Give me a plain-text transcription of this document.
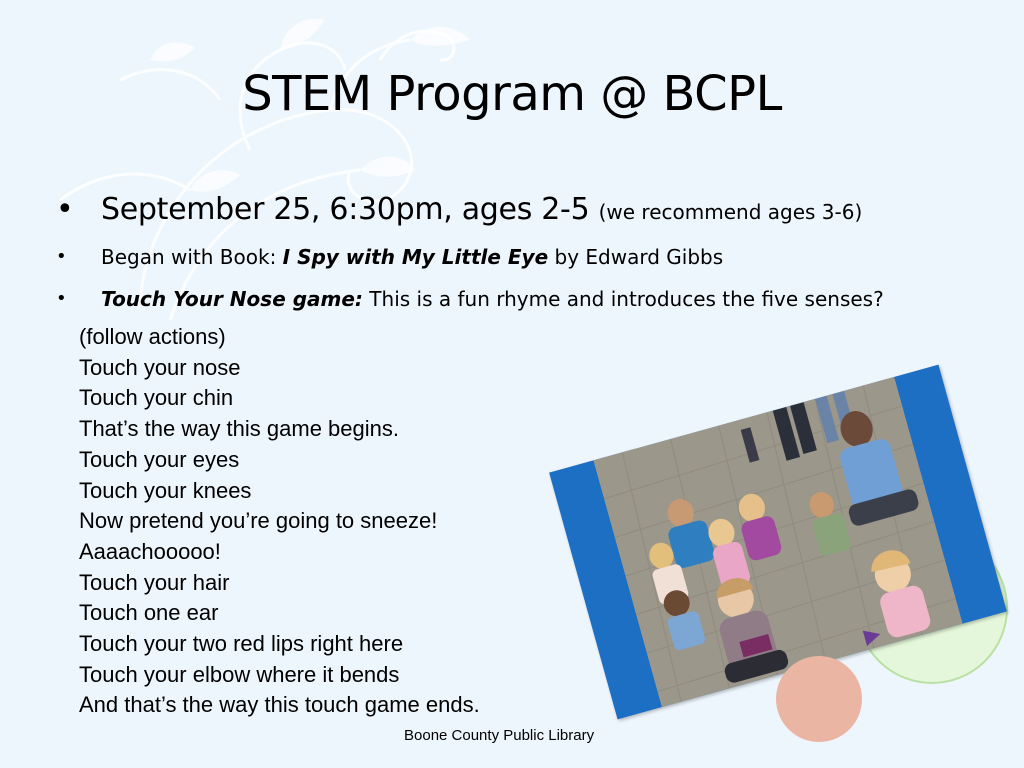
STEM Program @ BCPL
• September 25, 6:30pm, ages 2-5 (we recommend ages 3-6)
• Began with Book: I Spy with My Little Eye by Edward Gibbs
• Touch Your Nose game: This is a fun rhyme and introduces the five senses?
(follow actions)
Touch your nose
Touch your chin
That’s the way this game begins.
Touch your eyes
Touch your knees
Now pretend you’re going to sneeze!
Aaaachooooo!
Touch your hair
Touch one ear
Touch your two red lips right here
Touch your elbow where it bends
And that’s the way this touch game ends.
Boone County Public Library
